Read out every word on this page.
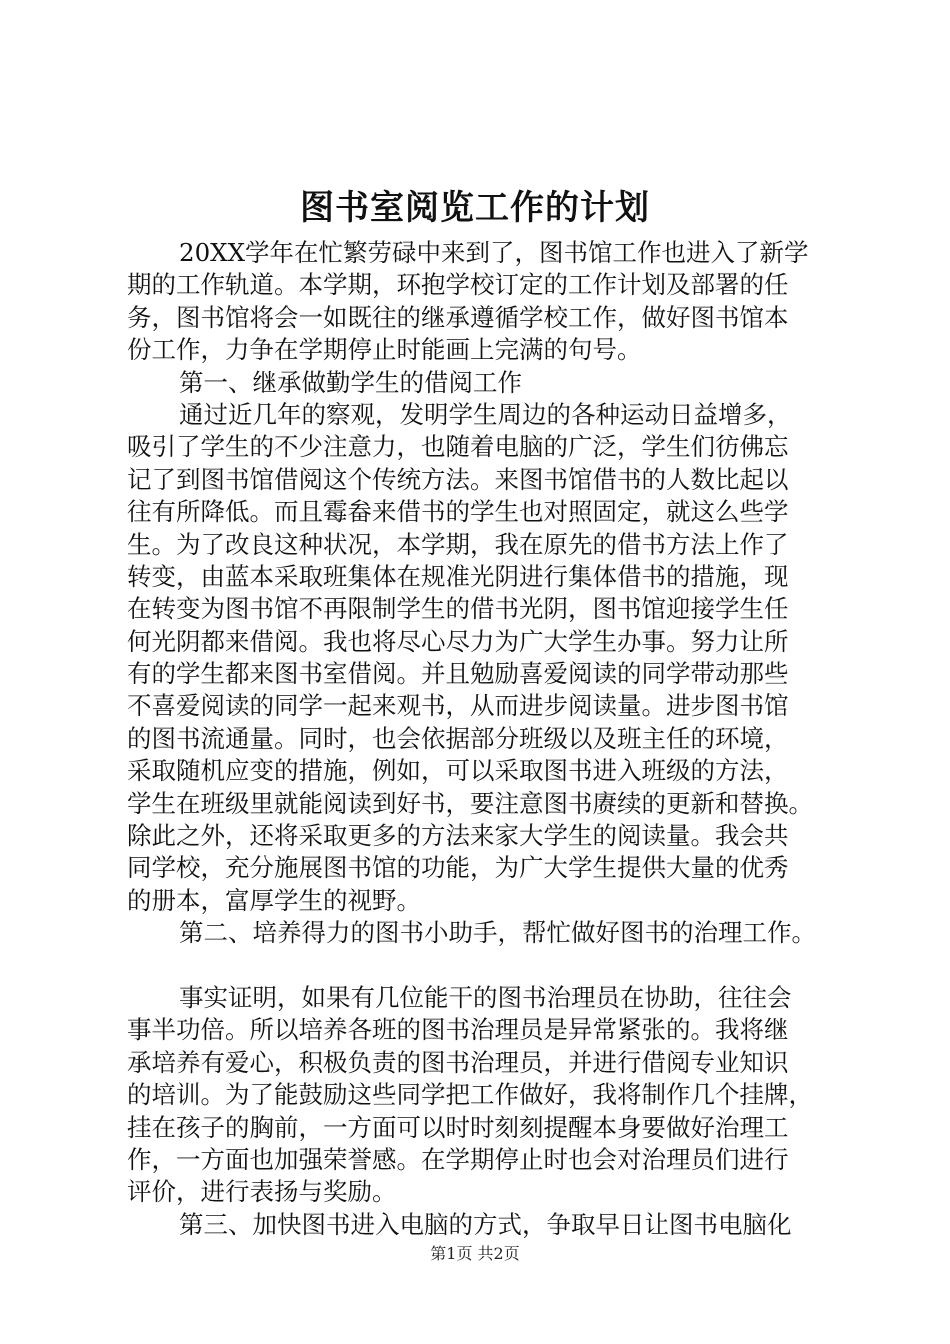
图书室阅览工作的计划
20XX学年在忙繁劳碌中来到了，图书馆工作也进入了新学
期的工作轨道。本学期，环抱学校订定的工作计划及部署的任
务，图书馆将会一如既往的继承遵循学校工作，做好图书馆本
份工作，力争在学期停止时能画上完满的句号。
第一、继承做勤学生的借阅工作
通过近几年的察观，发明学生周边的各种运动日益增多，
吸引了学生的不少注意力，也随着电脑的广泛，学生们彷佛忘
记了到图书馆借阅这个传统方法。来图书馆借书的人数比起以
往有所降低。而且霉畚来借书的学生也对照固定，就这么些学
生。为了改良这种状况，本学期，我在原先的借书方法上作了
转变，由蓝本采取班集体在规准光阴进行集体借书的措施，现
在转变为图书馆不再限制学生的借书光阴，图书馆迎接学生任
何光阴都来借阅。我也将尽心尽力为广大学生办事。努力让所
有的学生都来图书室借阅。并且勉励喜爱阅读的同学带动那些
不喜爱阅读的同学一起来观书，从而进步阅读量。进步图书馆
的图书流通量。同时，也会依据部分班级以及班主任的环境，
采取随机应变的措施，例如，可以采取图书进入班级的方法，
学生在班级里就能阅读到好书，要注意图书赓续的更新和替换。
除此之外，还将采取更多的方法来家大学生的阅读量。我会共
同学校，充分施展图书馆的功能，为广大学生提供大量的优秀
的册本，富厚学生的视野。
第二、培养得力的图书小助手，帮忙做好图书的治理工作。
事实证明，如果有几位能干的图书治理员在协助，往往会
事半功倍。所以培养各班的图书治理员是异常紧张的。我将继
承培养有爱心，积极负责的图书治理员，并进行借阅专业知识
的培训。为了能鼓励这些同学把工作做好，我将制作几个挂牌，
挂在孩子的胸前，一方面可以时时刻刻提醒本身要做好治理工
作，一方面也加强荣誉感。在学期停止时也会对治理员们进行
评价，进行表扬与奖励。
第三、加快图书进入电脑的方式，争取早日让图书电脑化
第1页 共2页
